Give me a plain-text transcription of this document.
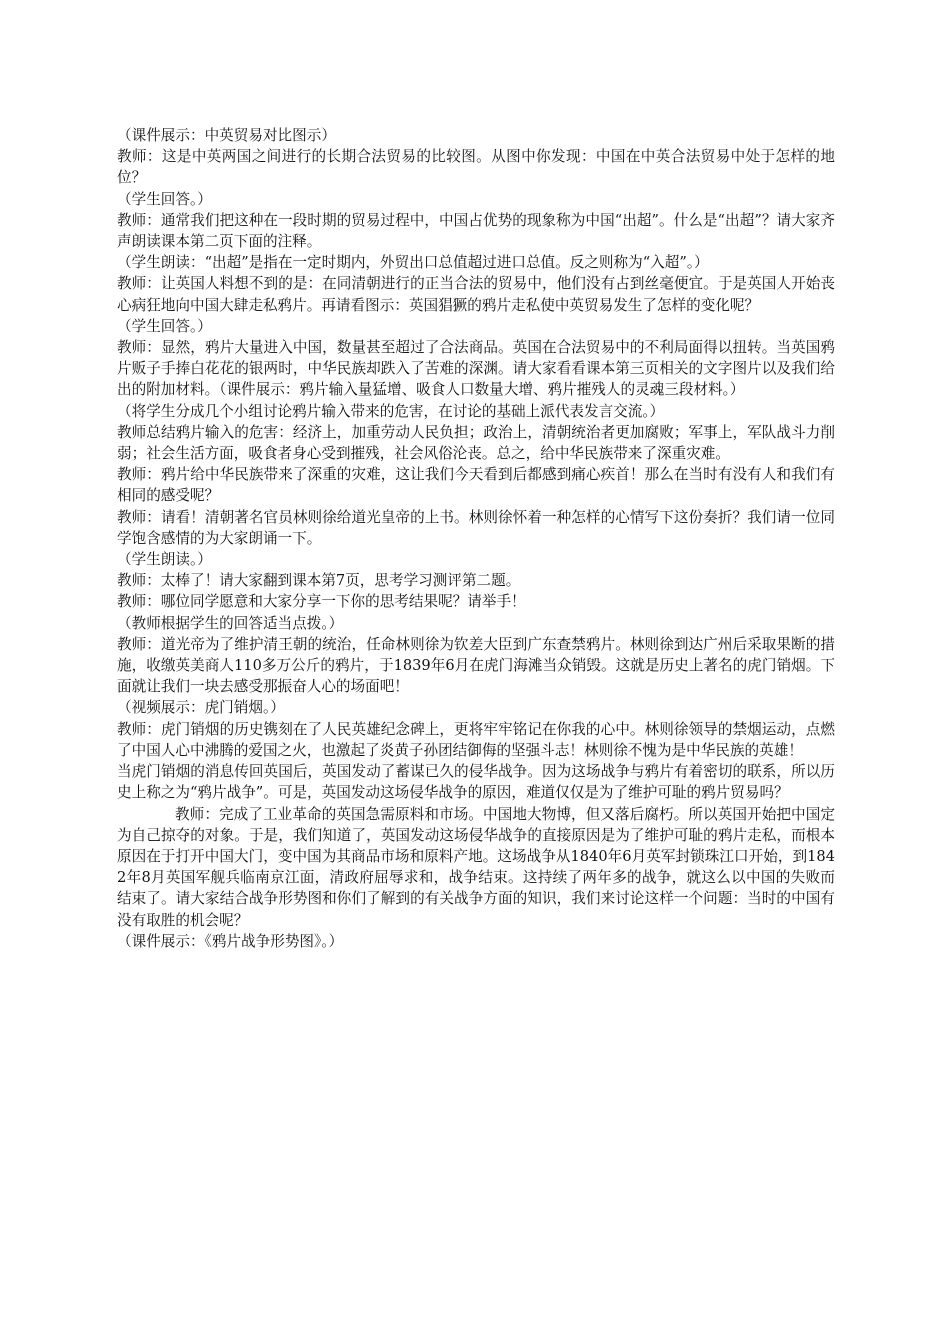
（课件展示：中英贸易对比图示）

教师：这是中英两国之间进行的长期合法贸易的比较图。从图中你发现：中国在中英合法贸易中处于怎样的地位？

（学生回答。）

教师：通常我们把这种在一段时期的贸易过程中，中国占优势的现象称为中国“出超”。什么是“出超”？请大家齐声朗读课本第二页下面的注释。

（学生朗读：“出超”是指在一定时期内，外贸出口总值超过进口总值。反之则称为“入超”。）

教师：让英国人料想不到的是：在同清朝进行的正当合法的贸易中，他们没有占到丝毫便宜。于是英国人开始丧心病狂地向中国大肆走私鸦片。再请看图示：英国猖獗的鸦片走私使中英贸易发生了怎样的变化呢？

（学生回答。）

教师：显然，鸦片大量进入中国，数量甚至超过了合法商品。英国在合法贸易中的不利局面得以扭转。当英国鸦片贩子手捧白花花的银两时，中华民族却跌入了苦难的深渊。请大家看看课本第三页相关的文字图片以及我们给出的附加材料。（课件展示：鸦片输入量猛增、吸食人口数量大增、鸦片摧残人的灵魂三段材料。）

（将学生分成几个小组讨论鸦片输入带来的危害，在讨论的基础上派代表发言交流。）

教师总结鸦片输入的危害：经济上，加重劳动人民负担；政治上，清朝统治者更加腐败；军事上，军队战斗力削弱；社会生活方面，吸食者身心受到摧残，社会风俗沦丧。总之，给中华民族带来了深重灾难。

教师：鸦片给中华民族带来了深重的灾难，这让我们今天看到后都感到痛心疾首！那么在当时有没有人和我们有相同的感受呢？

教师：请看！清朝著名官员林则徐给道光皇帝的上书。林则徐怀着一种怎样的心情写下这份奏折？我们请一位同学饱含感情的为大家朗诵一下。

（学生朗读。）

教师：太棒了！请大家翻到课本第7页，思考学习测评第二题。

教师：哪位同学愿意和大家分享一下你的思考结果呢？请举手！

（教师根据学生的回答适当点拨。）

教师：道光帝为了维护清王朝的统治，任命林则徐为钦差大臣到广东查禁鸦片。林则徐到达广州后采取果断的措施，收缴英美商人110多万公斤的鸦片，于1839年6月在虎门海滩当众销毁。这就是历史上著名的虎门销烟。下面就让我们一块去感受那振奋人心的场面吧！

（视频展示：虎门销烟。）

教师：虎门销烟的历史镌刻在了人民英雄纪念碑上，更将牢牢铭记在你我的心中。林则徐领导的禁烟运动，点燃了中国人心中沸腾的爱国之火，也激起了炎黄子孙团结御侮的坚强斗志！林则徐不愧为是中华民族的英雄！

当虎门销烟的消息传回英国后，英国发动了蓄谋已久的侵华战争。因为这场战争与鸦片有着密切的联系，所以历史上称之为“鸦片战争”。可是，英国发动这场侵华战争的原因，难道仅仅是为了维护可耻的鸦片贸易吗？

教师：完成了工业革命的英国急需原料和市场。中国地大物博，但又落后腐朽。所以英国开始把中国定为自己掠夺的对象。于是，我们知道了，英国发动这场侵华战争的直接原因是为了维护可耻的鸦片走私，而根本原因在于打开中国大门，变中国为其商品市场和原料产地。这场战争从1840年6月英军封锁珠江口开始，到1842年8月英国军舰兵临南京江面，清政府屈辱求和，战争结束。这持续了两年多的战争，就这么以中国的失败而结束了。请大家结合战争形势图和你们了解到的有关战争方面的知识，我们来讨论这样一个问题：当时的中国有没有取胜的机会呢？

（课件展示：《鸦片战争形势图》。）
